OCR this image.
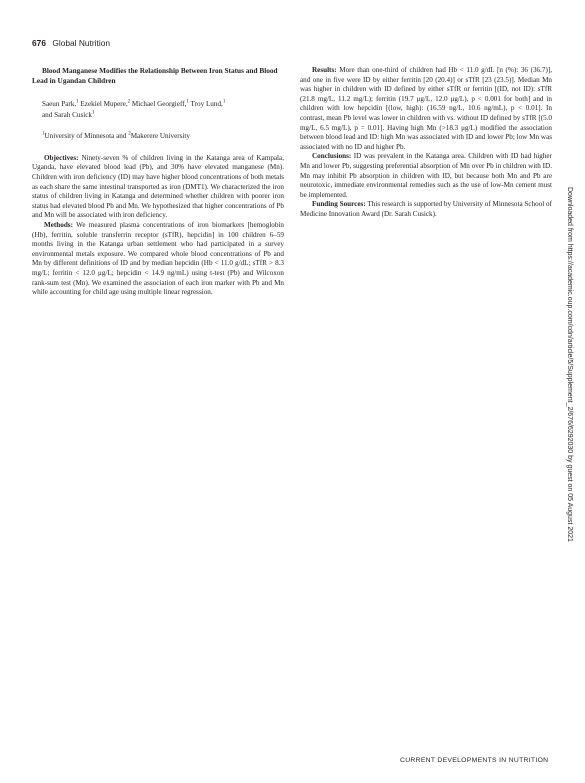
676 Global Nutrition

Blood Manganese Modifies the Relationship Between Iron Status and Blood Lead in Ugandan Children

Saeun Park,$^1$ Ezekiel Mupere,$^2$ Michael Georgieff,$^1$ Troy Lund,$^1$
and Sarah Cusick$^1$

$^1$University of Minnesota and $^2$Makerere University

Objectives: Ninety-seven % of children living in the Katanga area of Kampala, Uganda, have elevated blood lead (Pb), and 30% have elevated manganese (Mn). Children with iron deficiency (ID) may have higher blood concentrations of both metals as each share the same intestinal transported as iron (DMT1). We characterized the iron status of children living in Katanga and determined whether children with poorer iron status had elevated blood Pb and Mn. We hypothesized that higher concentrations of Pb and Mn will be associated with iron deficiency.

Methods: We measured plasma concentrations of iron biomarkers [hemoglobin (Hb), ferritin, soluble transferrin receptor (sTfR), hepcidin] in 100 children 6–59 months living in the Katanga urban settlement who had participated in a survey environmental metals exposure. We compared whole blood concentrations of Pb and Mn by different definitions of ID and by median hepcidin (Hb < 11.0 g/dL; sTfR > 8.3 mg/L; ferritin < 12.0 μg/L; hepcidin < 14.9 ng/mL) using t-test (Pb) and Wilcoxon rank-sum test (Mn). We examined the association of each iron marker with Pb and Mn while accounting for child age using multiple linear regression.

Results: More than one-third of children had Hb < 11.0 g/dL [n (%): 36 (36.7)], and one in five were ID by either ferritin [20 (20.4)] or sTfR [23 (23.5)]. Median Mn was higher in children with ID defined by either sTfR or ferritin [(ID, not ID): sTfR (21.8 mg/L, 11.2 mg/L); ferritin (19.7 μg/L, 12.0 μg/L), p < 0.001 for both] and in children with low hepcidin [(low, high): (16.59 ng/L, 10.6 ng/mL), p < 0.01]. In contrast, mean Pb level was lower in children with vs. without ID defined by sTfR [(5.0 mg/L, 6.5 mg/L), p = 0.01]. Having high Mn (>18.3 μg/L) modified the association between blood lead and ID: high Mn was associated with ID and lower Pb; low Mn was associated with no ID and higher Pb.

Conclusions: ID was prevalent in the Katanga area. Children with ID had higher Mn and lower Pb, suggesting preferential absorption of Mn over Pb in children with ID. Mn may inhibit Pb absorption in children with ID, but because both Mn and Pb are neurotoxic, immediate environmental remedies such as the use of low-Mn cement must be implemented.

Funding Sources: This research is supported by University of Minnesota School of Medicine Innovation Award (Dr. Sarah Cusick).	Downloaded from https://academic.oup.com/cdn/article/5/Supplement_2/676/6292030 by guest on 05 August 2021
CURRENT DEVELOPMENTS IN NUTRITION
